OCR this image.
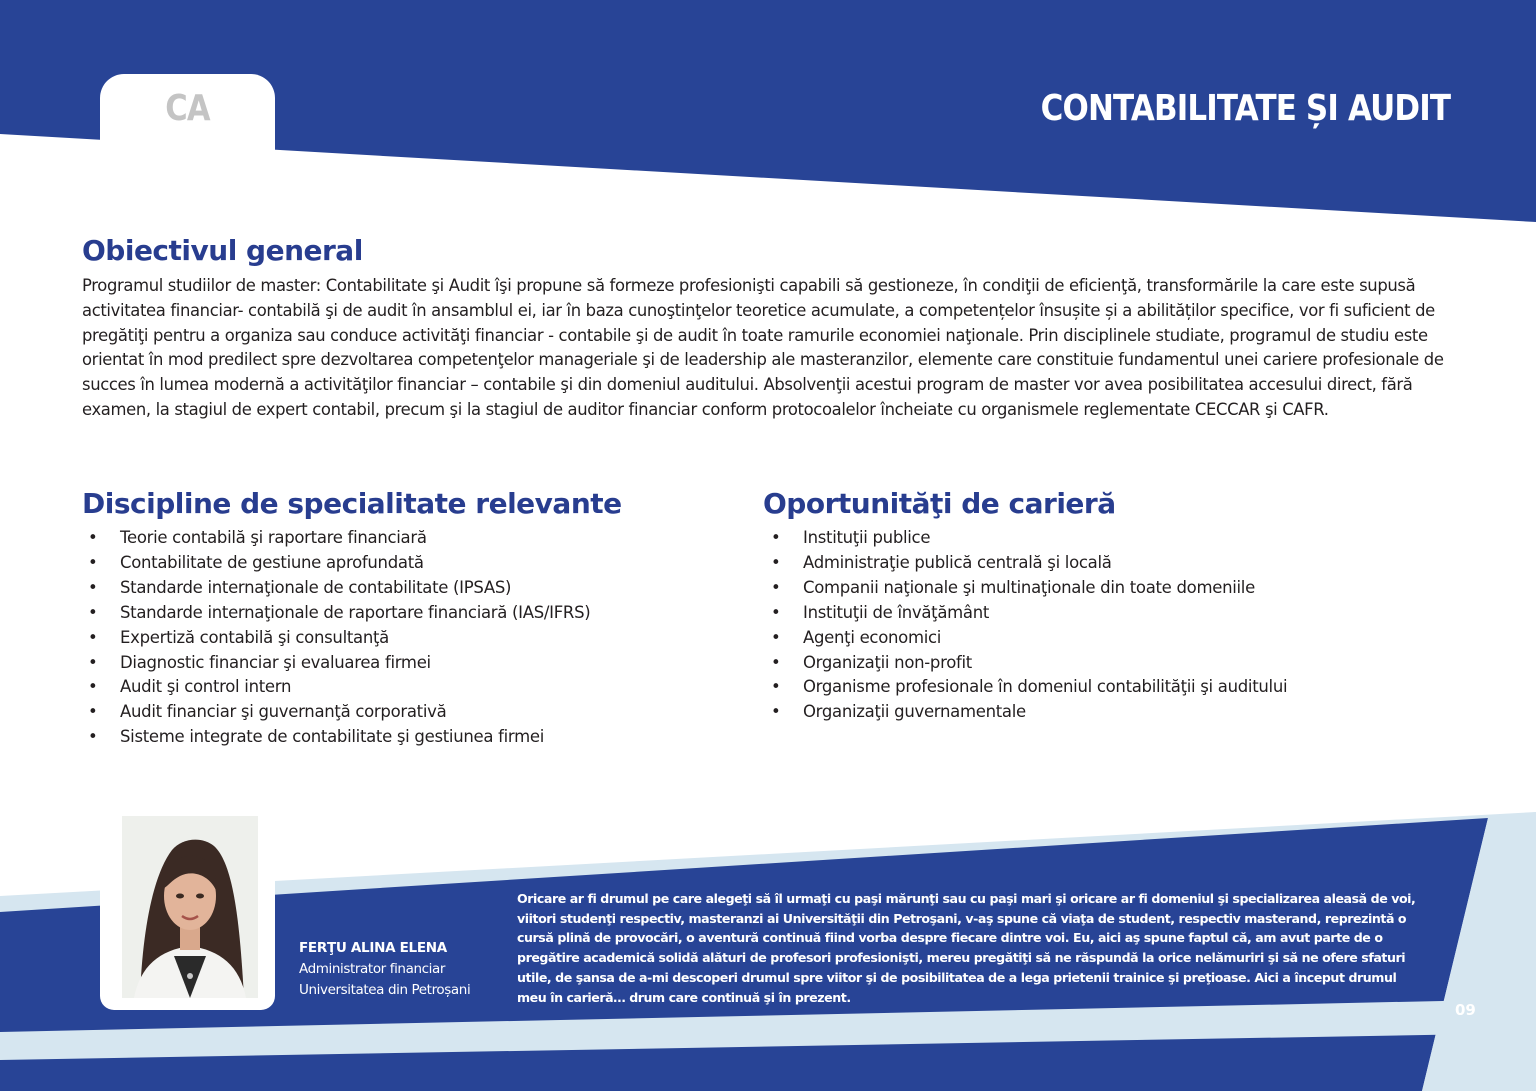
CA	CONTABILITATE ȘI AUDIT
Obiectivul general

Programul studiilor de master: Contabilitate şi Audit îşi propune să formeze profesionişti capabili să gestioneze, în condiţii de eficienţă, transformările la care este supusă activitatea financiar- contabilă şi de audit în ansamblul ei, iar în baza cunoştinţelor teoretice acumulate, a competențelor însușite și a abilităților specifice, vor fi suficient de pregătiţi pentru a organiza sau conduce activităţi financiar - contabile şi de audit în toate ramurile economiei naţionale. Prin disciplinele studiate, programul de studiu este orientat în mod predilect spre dezvoltarea competenţelor manageriale şi de leadership ale masteranzilor, elemente care constituie fundamentul unei cariere profesionale de succes în lumea modernă a activităţilor financiar – contabile şi din domeniul auditului. Absolvenţii acestui program de master vor avea posibilitatea accesului direct, fără examen, la stagiul de expert contabil, precum şi la stagiul de auditor financiar conform protocoalelor încheiate cu organismele reglementate CECCAR şi CAFR.

Discipline de specialitate relevante
• Teorie contabilă şi raportare financiară
• Contabilitate de gestiune aprofundată
• Standarde internaţionale de contabilitate (IPSAS)
• Standarde internaţionale de raportare financiară (IAS/IFRS)
• Expertiză contabilă şi consultanţă
• Diagnostic financiar şi evaluarea firmei
• Audit şi control intern
• Audit financiar şi guvernanţă corporativă
• Sisteme integrate de contabilitate şi gestiunea firmei
Oportunităţi de carieră
• Instituţii publice
• Administraţie publică centrală şi locală
• Companii naţionale şi multinaţionale din toate domeniile
• Instituţii de învăţământ
• Agenţi economici
• Organizaţii non-profit
• Organisme profesionale în domeniul contabilităţii şi auditului
• Organizaţii guvernamentale
FERŢU ALINA ELENA
Administrator financiar
Universitatea din Petroșani

Oricare ar fi drumul pe care alegeţi să îl urmaţi cu paşi mărunţi sau cu paşi mari şi oricare ar fi domeniul şi specializarea aleasă de voi, viitori studenţi respectiv, masteranzi ai Universităţii din Petroşani, v-aş spune că viaţa de student, respectiv masterand, reprezintă o cursă plină de provocări, o aventură continuă fiind vorba despre fiecare dintre voi. Eu, aici aş spune faptul că, am avut parte de o pregătire academică solidă alături de profesori profesionişti, mereu pregătiţi să ne răspundă la orice nelămuriri şi să ne ofere sfaturi utile, de şansa de a-mi descoperi drumul spre viitor şi de posibilitatea de a lega prietenii trainice şi preţioase. Aici a început drumul meu în carieră… drum care continuă şi în prezent.

09
